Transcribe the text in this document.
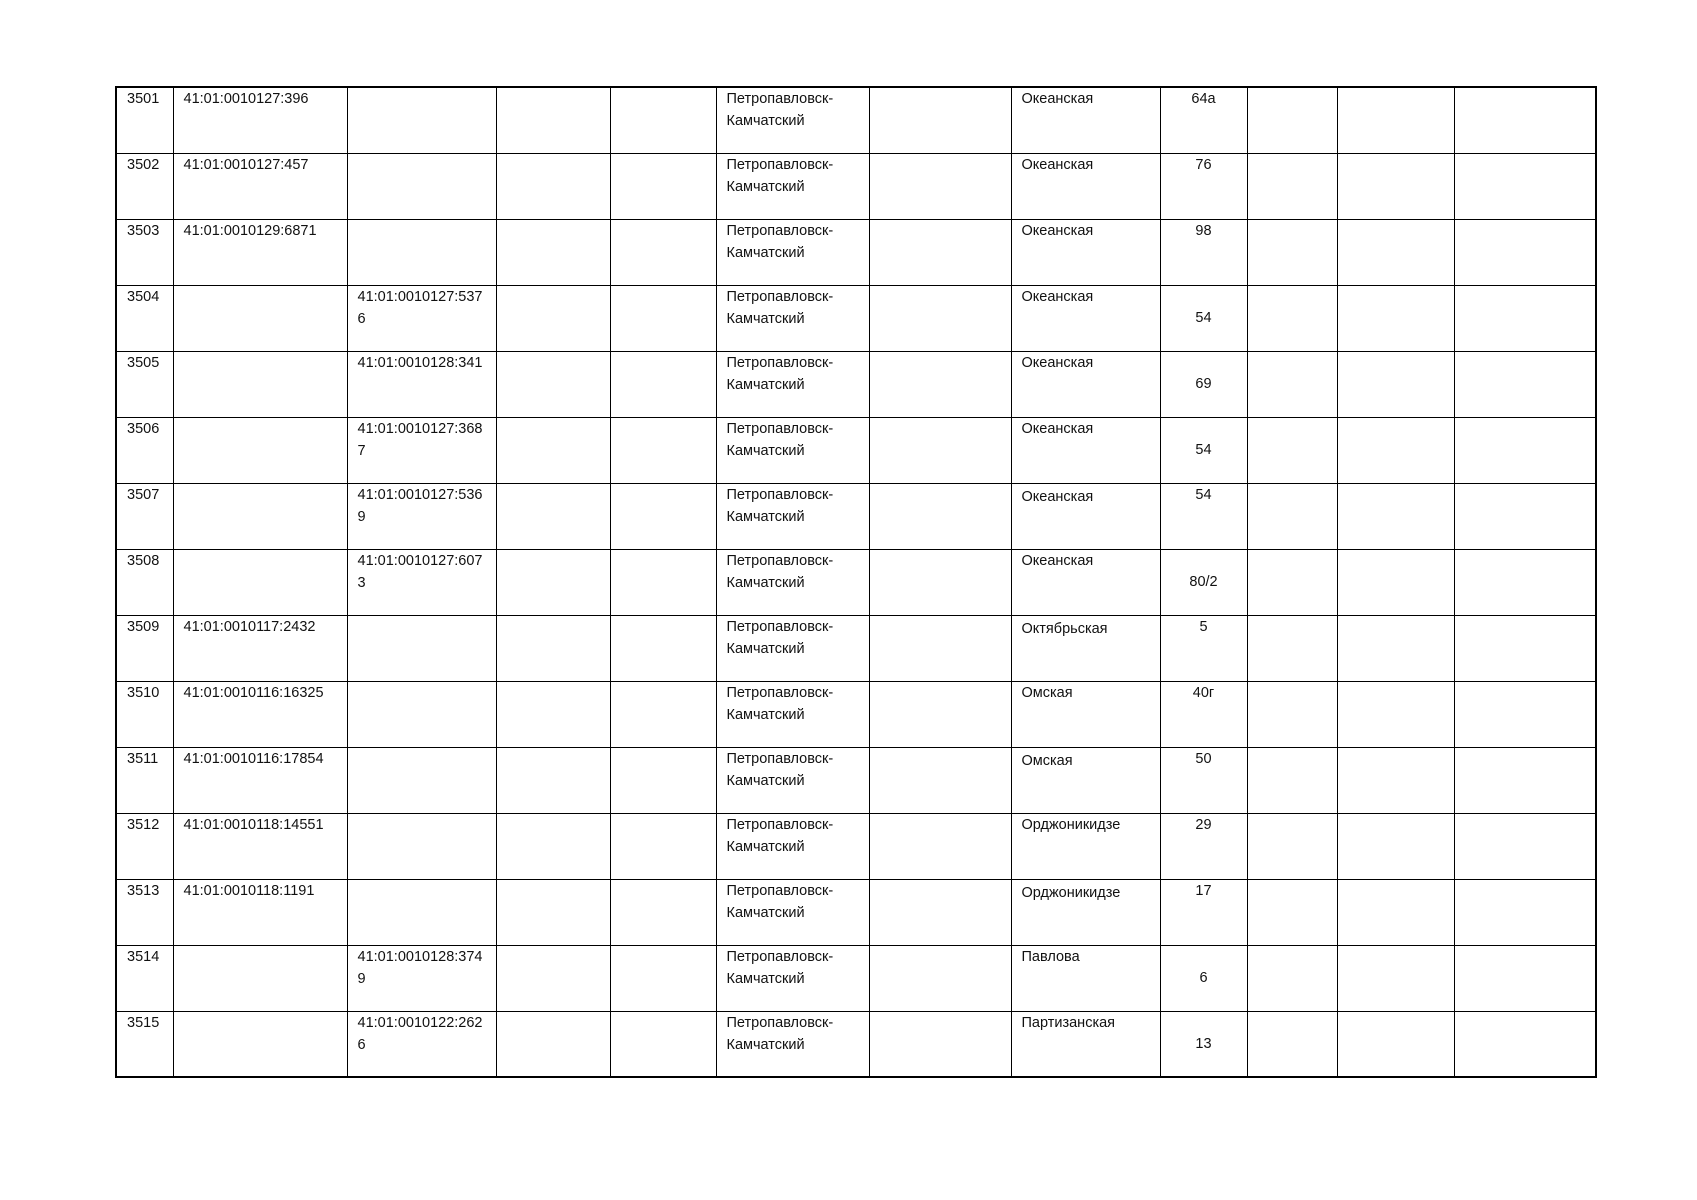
3501	41:01:0010127:396				Петропавловск-Камчатский		Океанская	64а			

3502	41:01:0010127:457				Петропавловск-Камчатский		Океанская	76			

3503	41:01:0010129:6871				Петропавловск-Камчатский		Океанская	98			

3504		41:01:0010127:5376			Петропавловск-Камчатский		Океанская	54			

3505		41:01:0010128:341			Петропавловск-Камчатский		Океанская	69			

3506		41:01:0010127:3687			Петропавловск-Камчатский		Океанская	54			

3507		41:01:0010127:5369			Петропавловск-Камчатский		Океанская	54			

3508		41:01:0010127:6073			Петропавловск-Камчатский		Океанская	80/2			

3509	41:01:0010117:2432				Петропавловск-Камчатский		Октябрьская	5			

3510	41:01:0010116:16325				Петропавловск-Камчатский		Омская	40г			

3511	41:01:0010116:17854				Петропавловск-Камчатский		Омская	50			

3512	41:01:0010118:14551				Петропавловск-Камчатский		Орджоникидзе	29			

3513	41:01:0010118:1191				Петропавловск-Камчатский		Орджоникидзе	17			

3514		41:01:0010128:3749			Петропавловск-Камчатский		Павлова	6			

3515		41:01:0010122:2626			Петропавловск-Камчатский		Партизанская	13			
